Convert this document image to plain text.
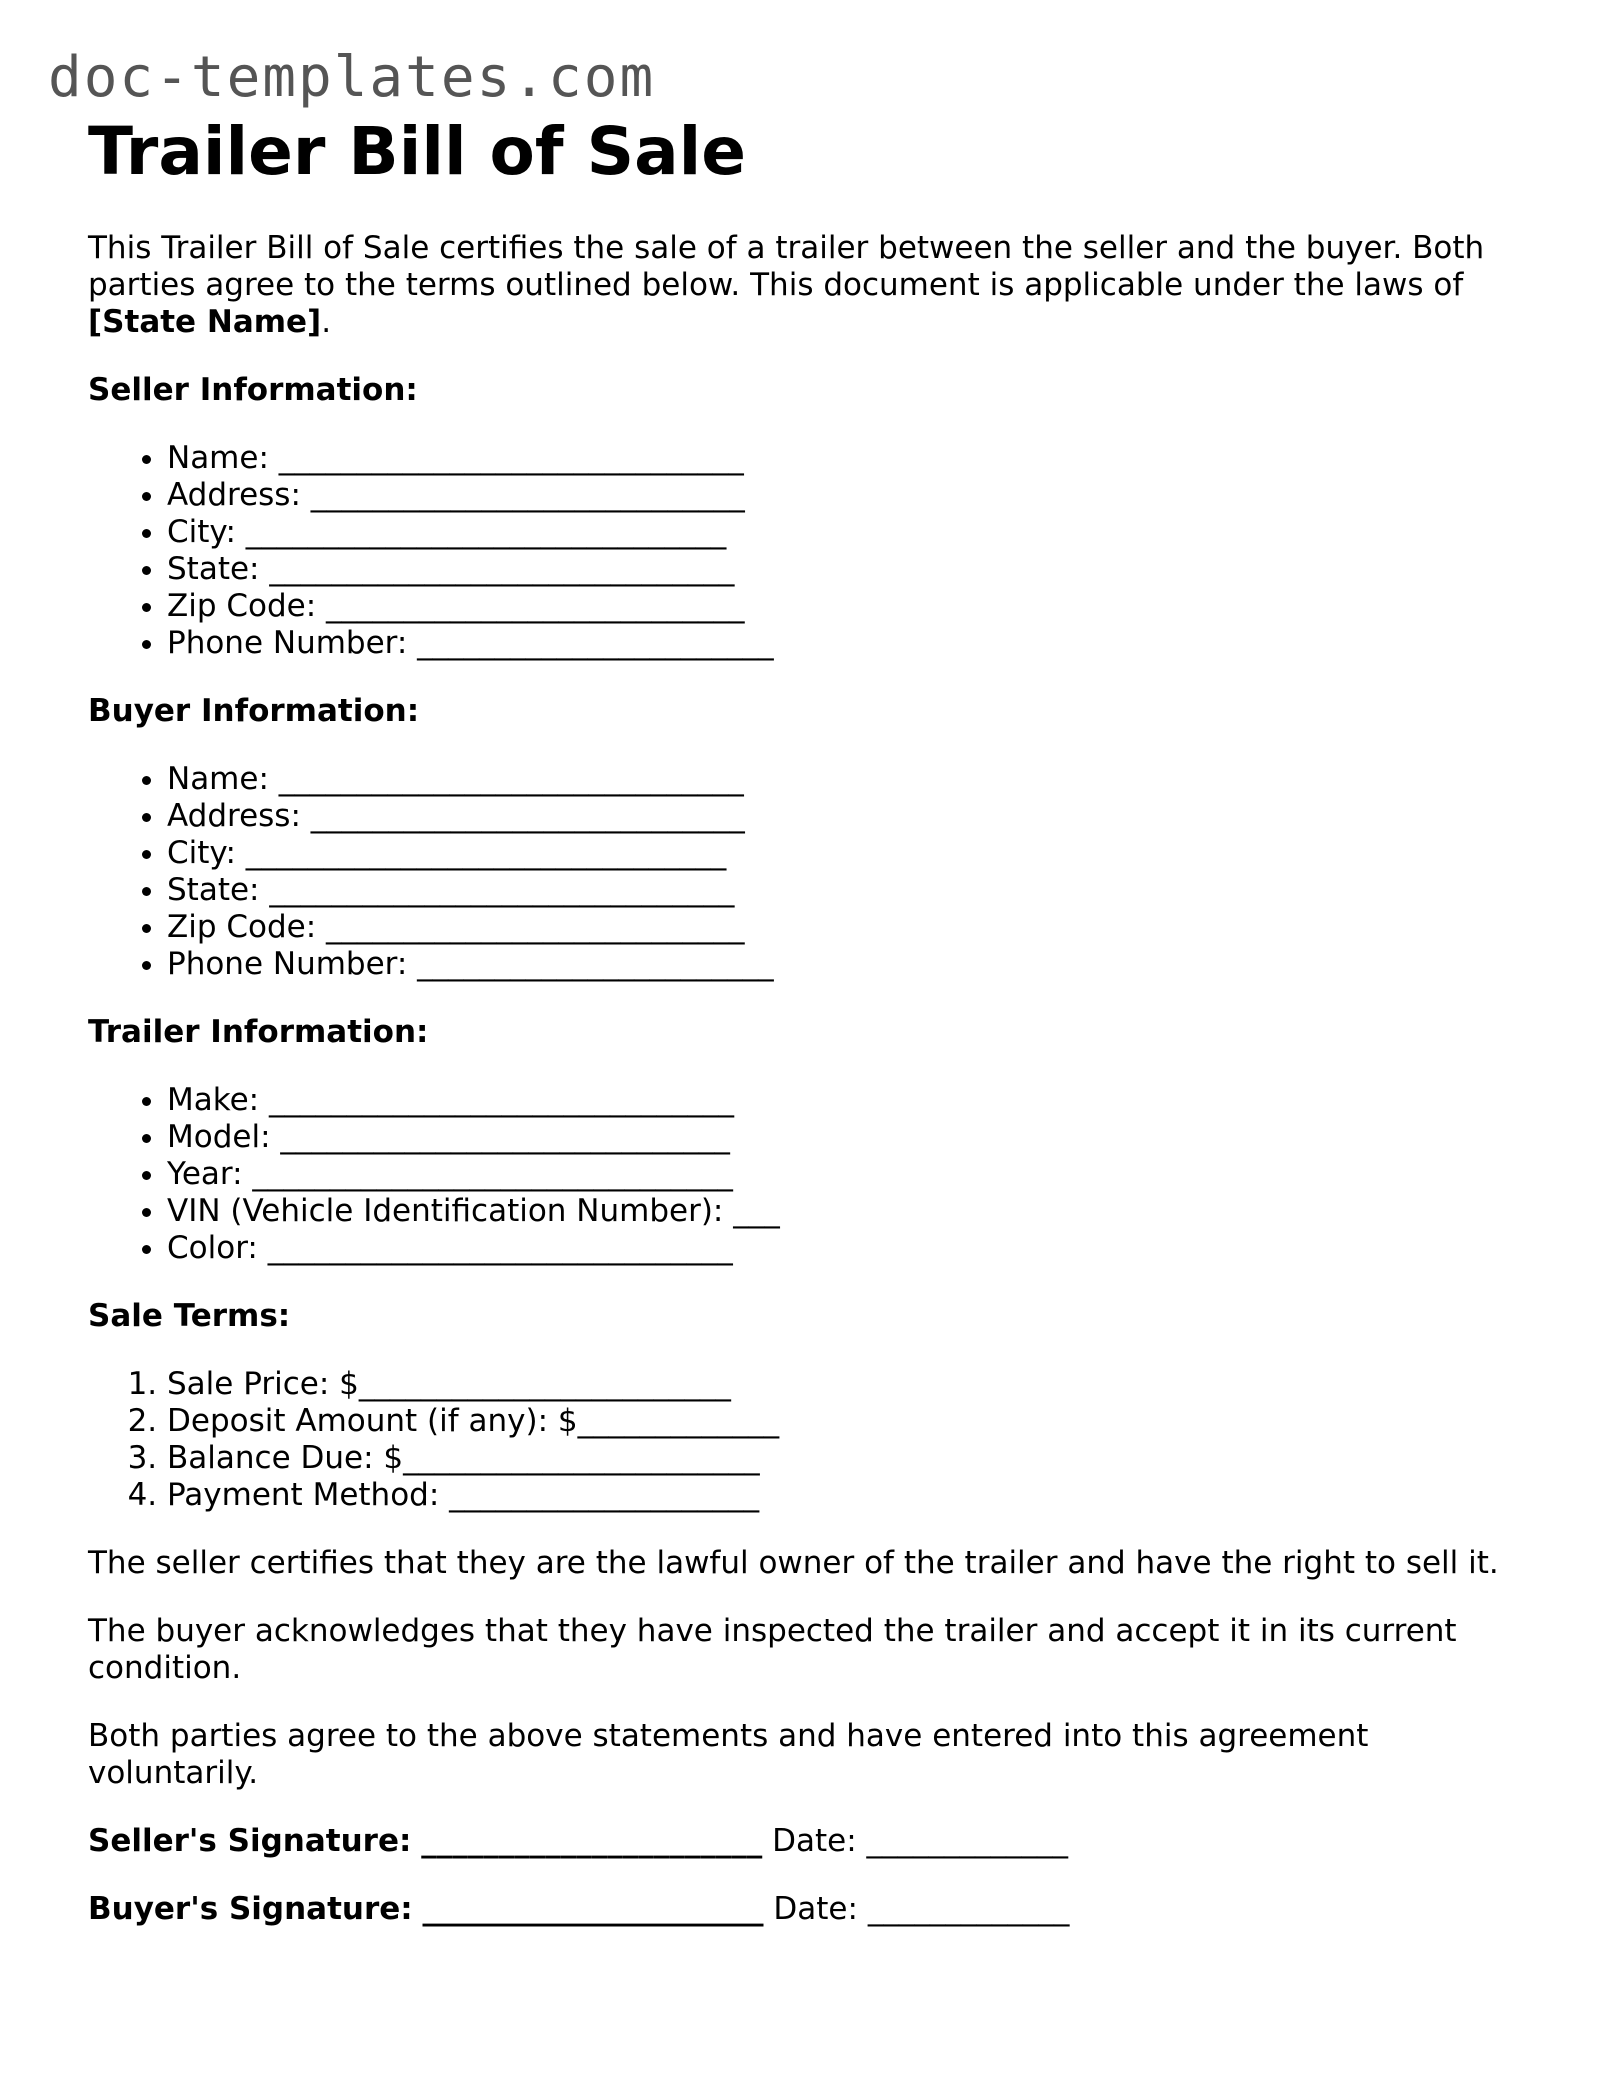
doc-templates.com
Trailer Bill of Sale

This Trailer Bill of Sale certifies the sale of a trailer between the seller and the buyer. Both parties agree to the terms outlined below. This document is applicable under the laws of [State Name].

Seller Information:
• Name: ______________________________
• Address: ____________________________
• City: _______________________________
• State: ______________________________
• Zip Code: ___________________________
• Phone Number: _______________________
Buyer Information:
• Name: ______________________________
• Address: ____________________________
• City: _______________________________
• State: ______________________________
• Zip Code: ___________________________
• Phone Number: _______________________
Trailer Information:
• Make: ______________________________
• Model: _____________________________
• Year: _______________________________
• VIN (Vehicle Identification Number): ___
• Color: ______________________________
Sale Terms:
1. Sale Price: $________________________
2. Deposit Amount (if any): $_____________
3. Balance Due: $_______________________
4. Payment Method: ____________________

The seller certifies that they are the lawful owner of the trailer and have the right to sell it.

The buyer acknowledges that they have inspected the trailer and accept it in its current condition.

Both parties agree to the above statements and have entered into this agreement voluntarily.

Seller's Signature: ______________________ Date: _____________
Buyer's Signature: ______________________ Date: _____________
